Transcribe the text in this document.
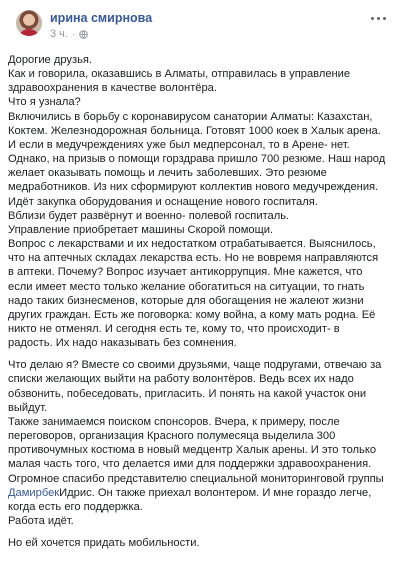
ирина смирнова
3 ч. ·

Дорогие друзья.

Как и говорила, оказавшись в Алматы, отправилась в управление

здравоохранения в качестве волонтёра.

Что я узнала?

Включились в борьбу с коронавирусом санатории Алматы: Казахстан,

Коктем. Железнодорожная больница. Готовят 1000 коек в Халык арена.

И если в медучреждениях уже был медперсонал, то в Арене- нет.

Однако, на призыв о помощи горздрава пришло 700 резюме. Наш народ

желает оказывать помощь и лечить заболевших. Это резюме

медработников. Из них сформируют коллектив нового медучреждения.

Идёт закупка оборудования и оснащение нового госпиталя.

Вблизи будет развёрнут и военно- полевой госпиталь.

Управление приобретает машины Скорой помощи.

Вопрос с лекарствами и их недостатком отрабатывается. Выяснилось,

что на аптечных складах лекарства есть. Но не вовремя направляются

в аптеки. Почему? Вопрос изучает антикоррупция. Мне кажется, что

если имеет место только желание обогатиться на ситуации, то гнать

надо таких бизнесменов, которые для обогащения не жалеют жизни

других граждан. Есть же поговорка: кому война, а кому мать родна. Её

никто не отменял. И сегодня есть те, кому то, что происходит- в

радость. Их надо наказывать без сомнения.

Что делаю я? Вместе со своими друзьями, чаще подругами, отвечаю за

списки желающих выйти на работу волонтёров. Ведь всех их надо

обзвонить, побеседовать, пригласить. И понять на какой участок они

выйдут.

Также занимаемся поиском спонсоров. Вчера, к примеру, после

переговоров, организация Красного полумесяца выделила 300

противочумных костюма в новый медцентр Халык арены. И это только

малая часть того, что делается ими для поддержки здравоохранения.

Огромное спасибо представителю специальной мониторинговой группы

ДамирбекИдрис. Он также приехал волонтером. И мне гораздо легче,

когда есть его поддержка.

Работа идёт.

Но ей хочется придать мобильности.
